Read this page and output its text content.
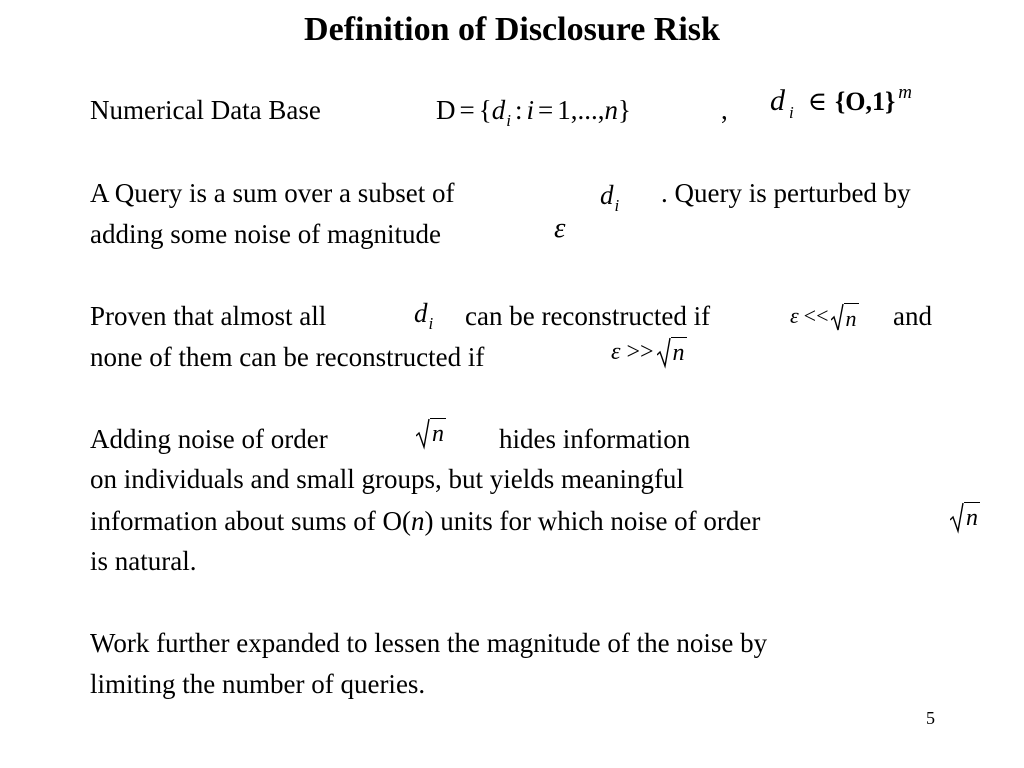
Definition of Disclosure Risk
Numerical Data Base	$D = \{d_i$ : i = 1,...,n}	, d $_i$ ∈ {O,1} $^m$
A Query is a sum over a subset of	$d_i$ . Query is perturbed by
adding some noise of magnitude	ε
Proven that almost all	$d_i$ can be reconstructed if	ε << n and
none of them can be reconstructed if	ε >> n
Adding noise of order	n hides information
on individuals and small groups, but yields meaningful
information about sums of O(n) units for which noise of order	n
is natural.
Work further expanded to lessen the magnitude of the noise by
limiting the number of queries.
5
